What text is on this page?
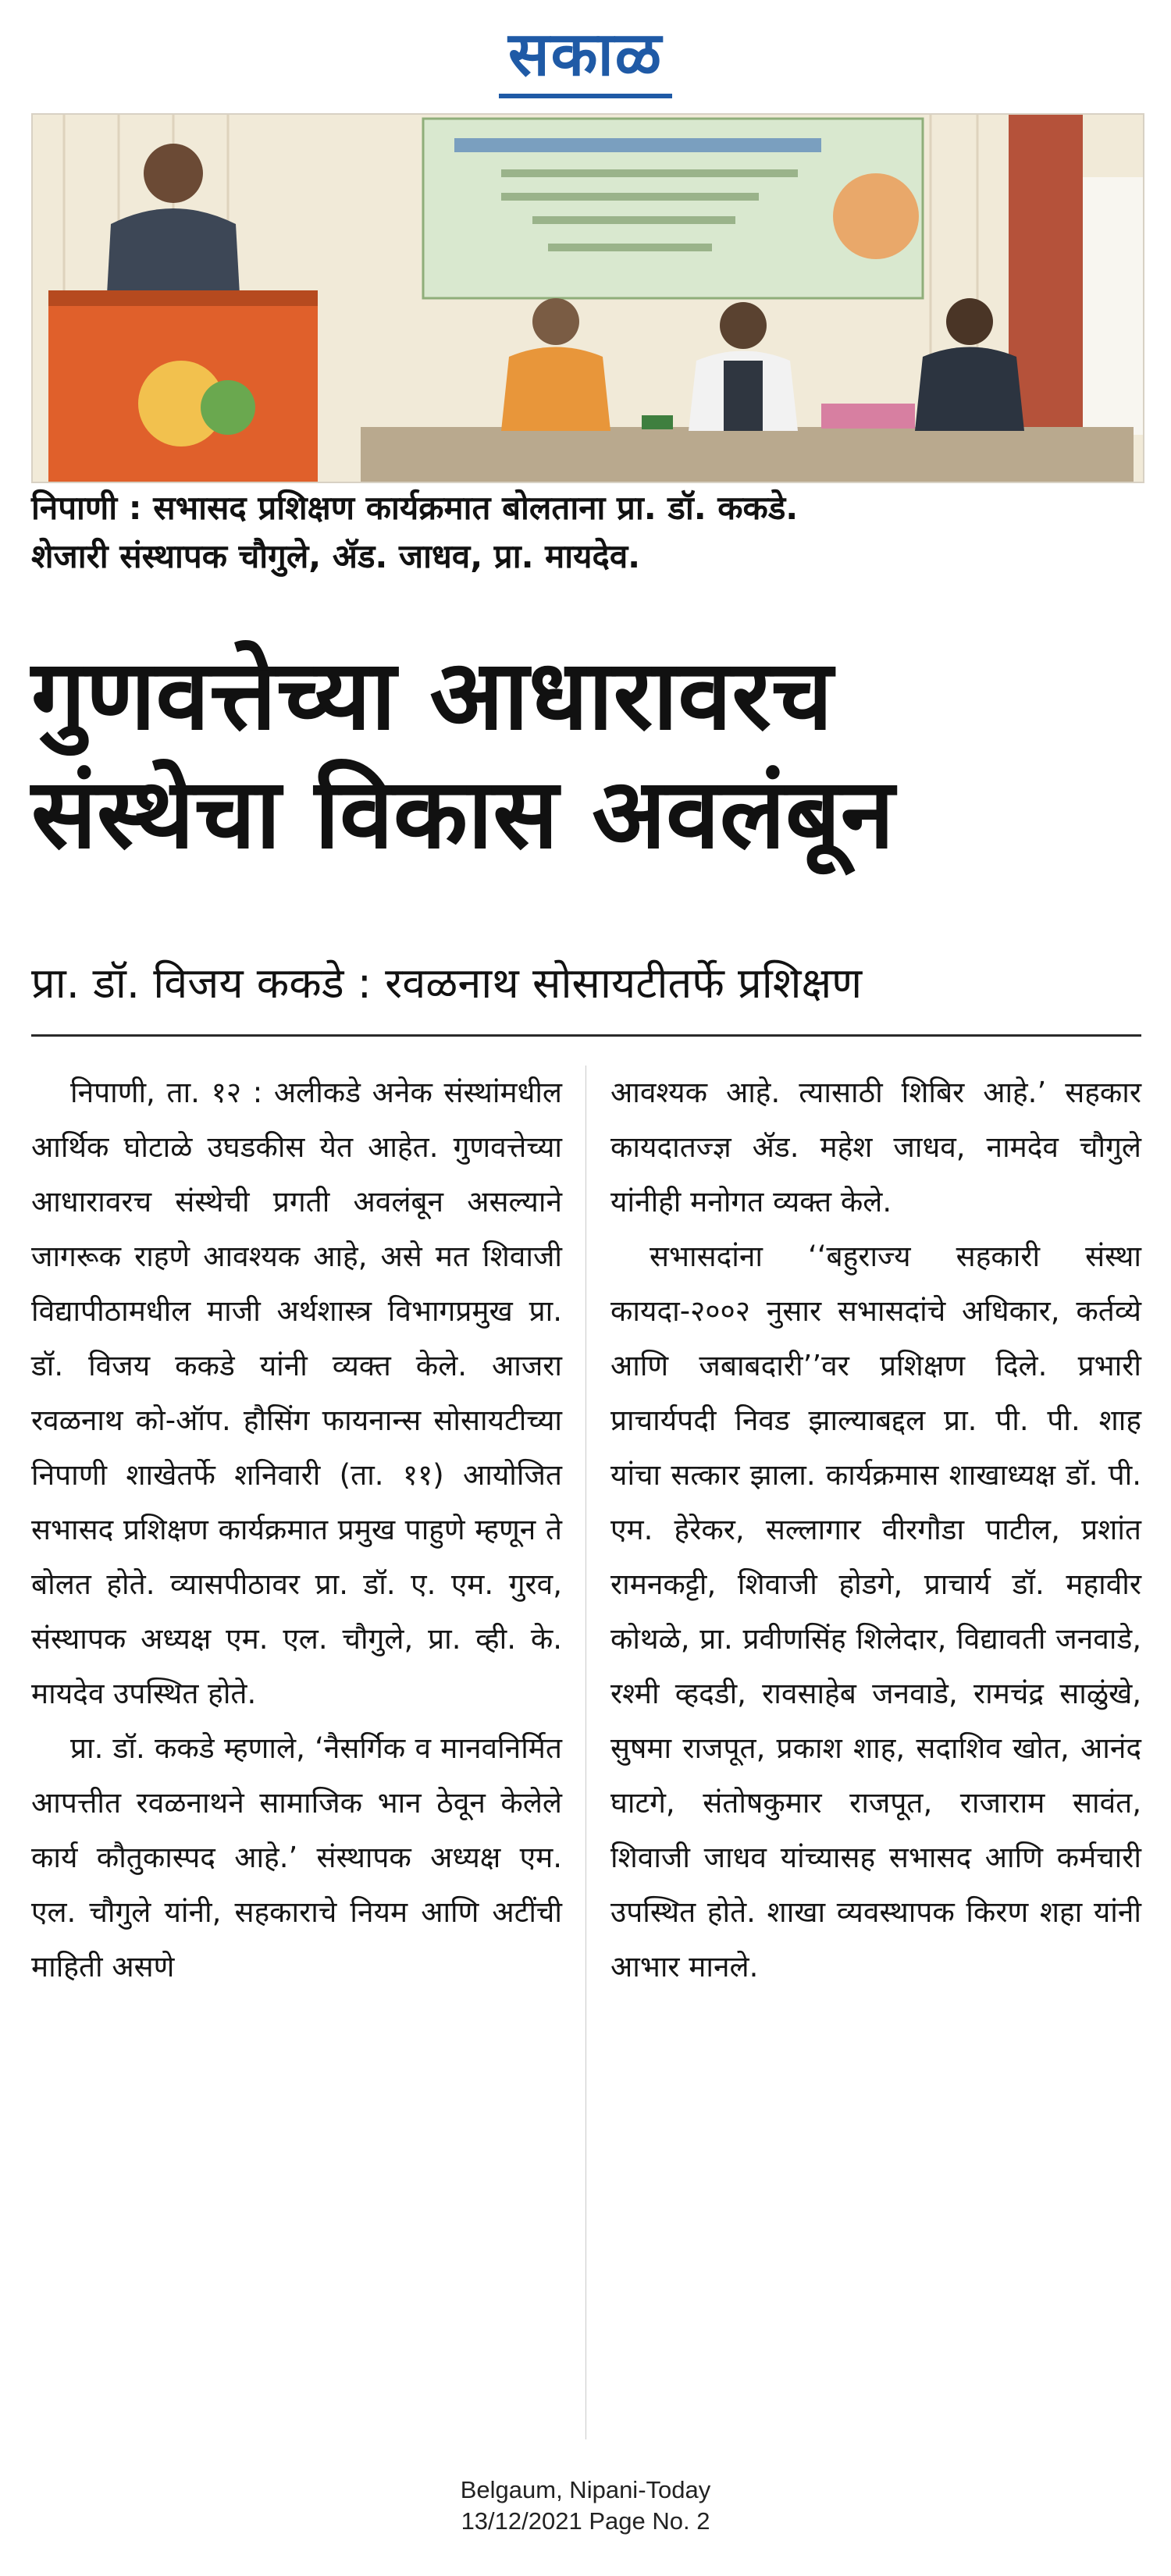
सकाळ
निपाणी : सभासद प्रशिक्षण कार्यक्रमात बोलताना प्रा. डॉ. ककडे.
शेजारी संस्थापक चौगुले, ॲड. जाधव, प्रा. मायदेव.
गुणवत्तेच्या आधारावरच
संस्थेचा विकास अवलंबून
प्रा. डॉ. विजय ककडे : रवळनाथ सोसायटीतर्फे प्रशिक्षण

निपाणी, ता. १२ : अलीकडे अनेक संस्थांमधील आर्थिक घोटाळे उघडकीस येत आहेत. गुणवत्तेच्या आधारावरच संस्थेची प्रगती अवलंबून असल्याने जागरूक राहणे आवश्यक आहे, असे मत शिवाजी विद्यापीठामधील माजी अर्थशास्त्र विभागप्रमुख प्रा. डॉ. विजय ककडे यांनी व्यक्त केले. आजरा रवळनाथ को-ऑप. हौसिंग फायनान्स सोसायटीच्या निपाणी शाखेतर्फे शनिवारी (ता. ११) आयोजित सभासद प्रशिक्षण कार्यक्रमात प्रमुख पाहुणे म्हणून ते बोलत होते. व्यासपीठावर प्रा. डॉ. ए. एम. गुरव, संस्थापक अध्यक्ष एम. एल. चौगुले, प्रा. व्ही. के. मायदेव उपस्थित होते.

प्रा. डॉ. ककडे म्हणाले, ‘नैसर्गिक व मानवनिर्मित आपत्तीत रवळनाथने सामाजिक भान ठेवून केलेले कार्य कौतुकास्पद आहे.’ संस्थापक अध्यक्ष एम. एल. चौगुले यांनी, सहकाराचे नियम आणि अटींची माहिती असणे

आवश्यक आहे. त्यासाठी शिबिर आहे.’ सहकार कायदातज्ज्ञ ॲड. महेश जाधव, नामदेव चौगुले यांनीही मनोगत व्यक्त केले.

सभासदांना ‘‘बहुराज्य सहकारी संस्था कायदा-२००२ नुसार सभासदांचे अधिकार, कर्तव्ये आणि जबाबदारी’’वर प्रशिक्षण दिले. प्रभारी प्राचार्यपदी निवड झाल्याबद्दल प्रा. पी. पी. शाह यांचा सत्कार झाला. कार्यक्रमास शाखाध्यक्ष डॉ. पी. एम. हेरेकर, सल्लागार वीरगौडा पाटील, प्रशांत रामनकट्टी, शिवाजी होडगे, प्राचार्य डॉ. महावीर कोथळे, प्रा. प्रवीणसिंह शिलेदार, विद्यावती जनवाडे, रश्मी व्हदडी, रावसाहेब जनवाडे, रामचंद्र साळुंखे, सुषमा राजपूत, प्रकाश शाह, सदाशिव खोत, आनंद घाटगे, संतोषकुमार राजपूत, राजाराम सावंत, शिवाजी जाधव यांच्यासह सभासद आणि कर्मचारी उपस्थित होते. शाखा व्यवस्थापक किरण शहा यांनी आभार मानले.

Belgaum, Nipani-Today
13/12/2021 Page No. 2
